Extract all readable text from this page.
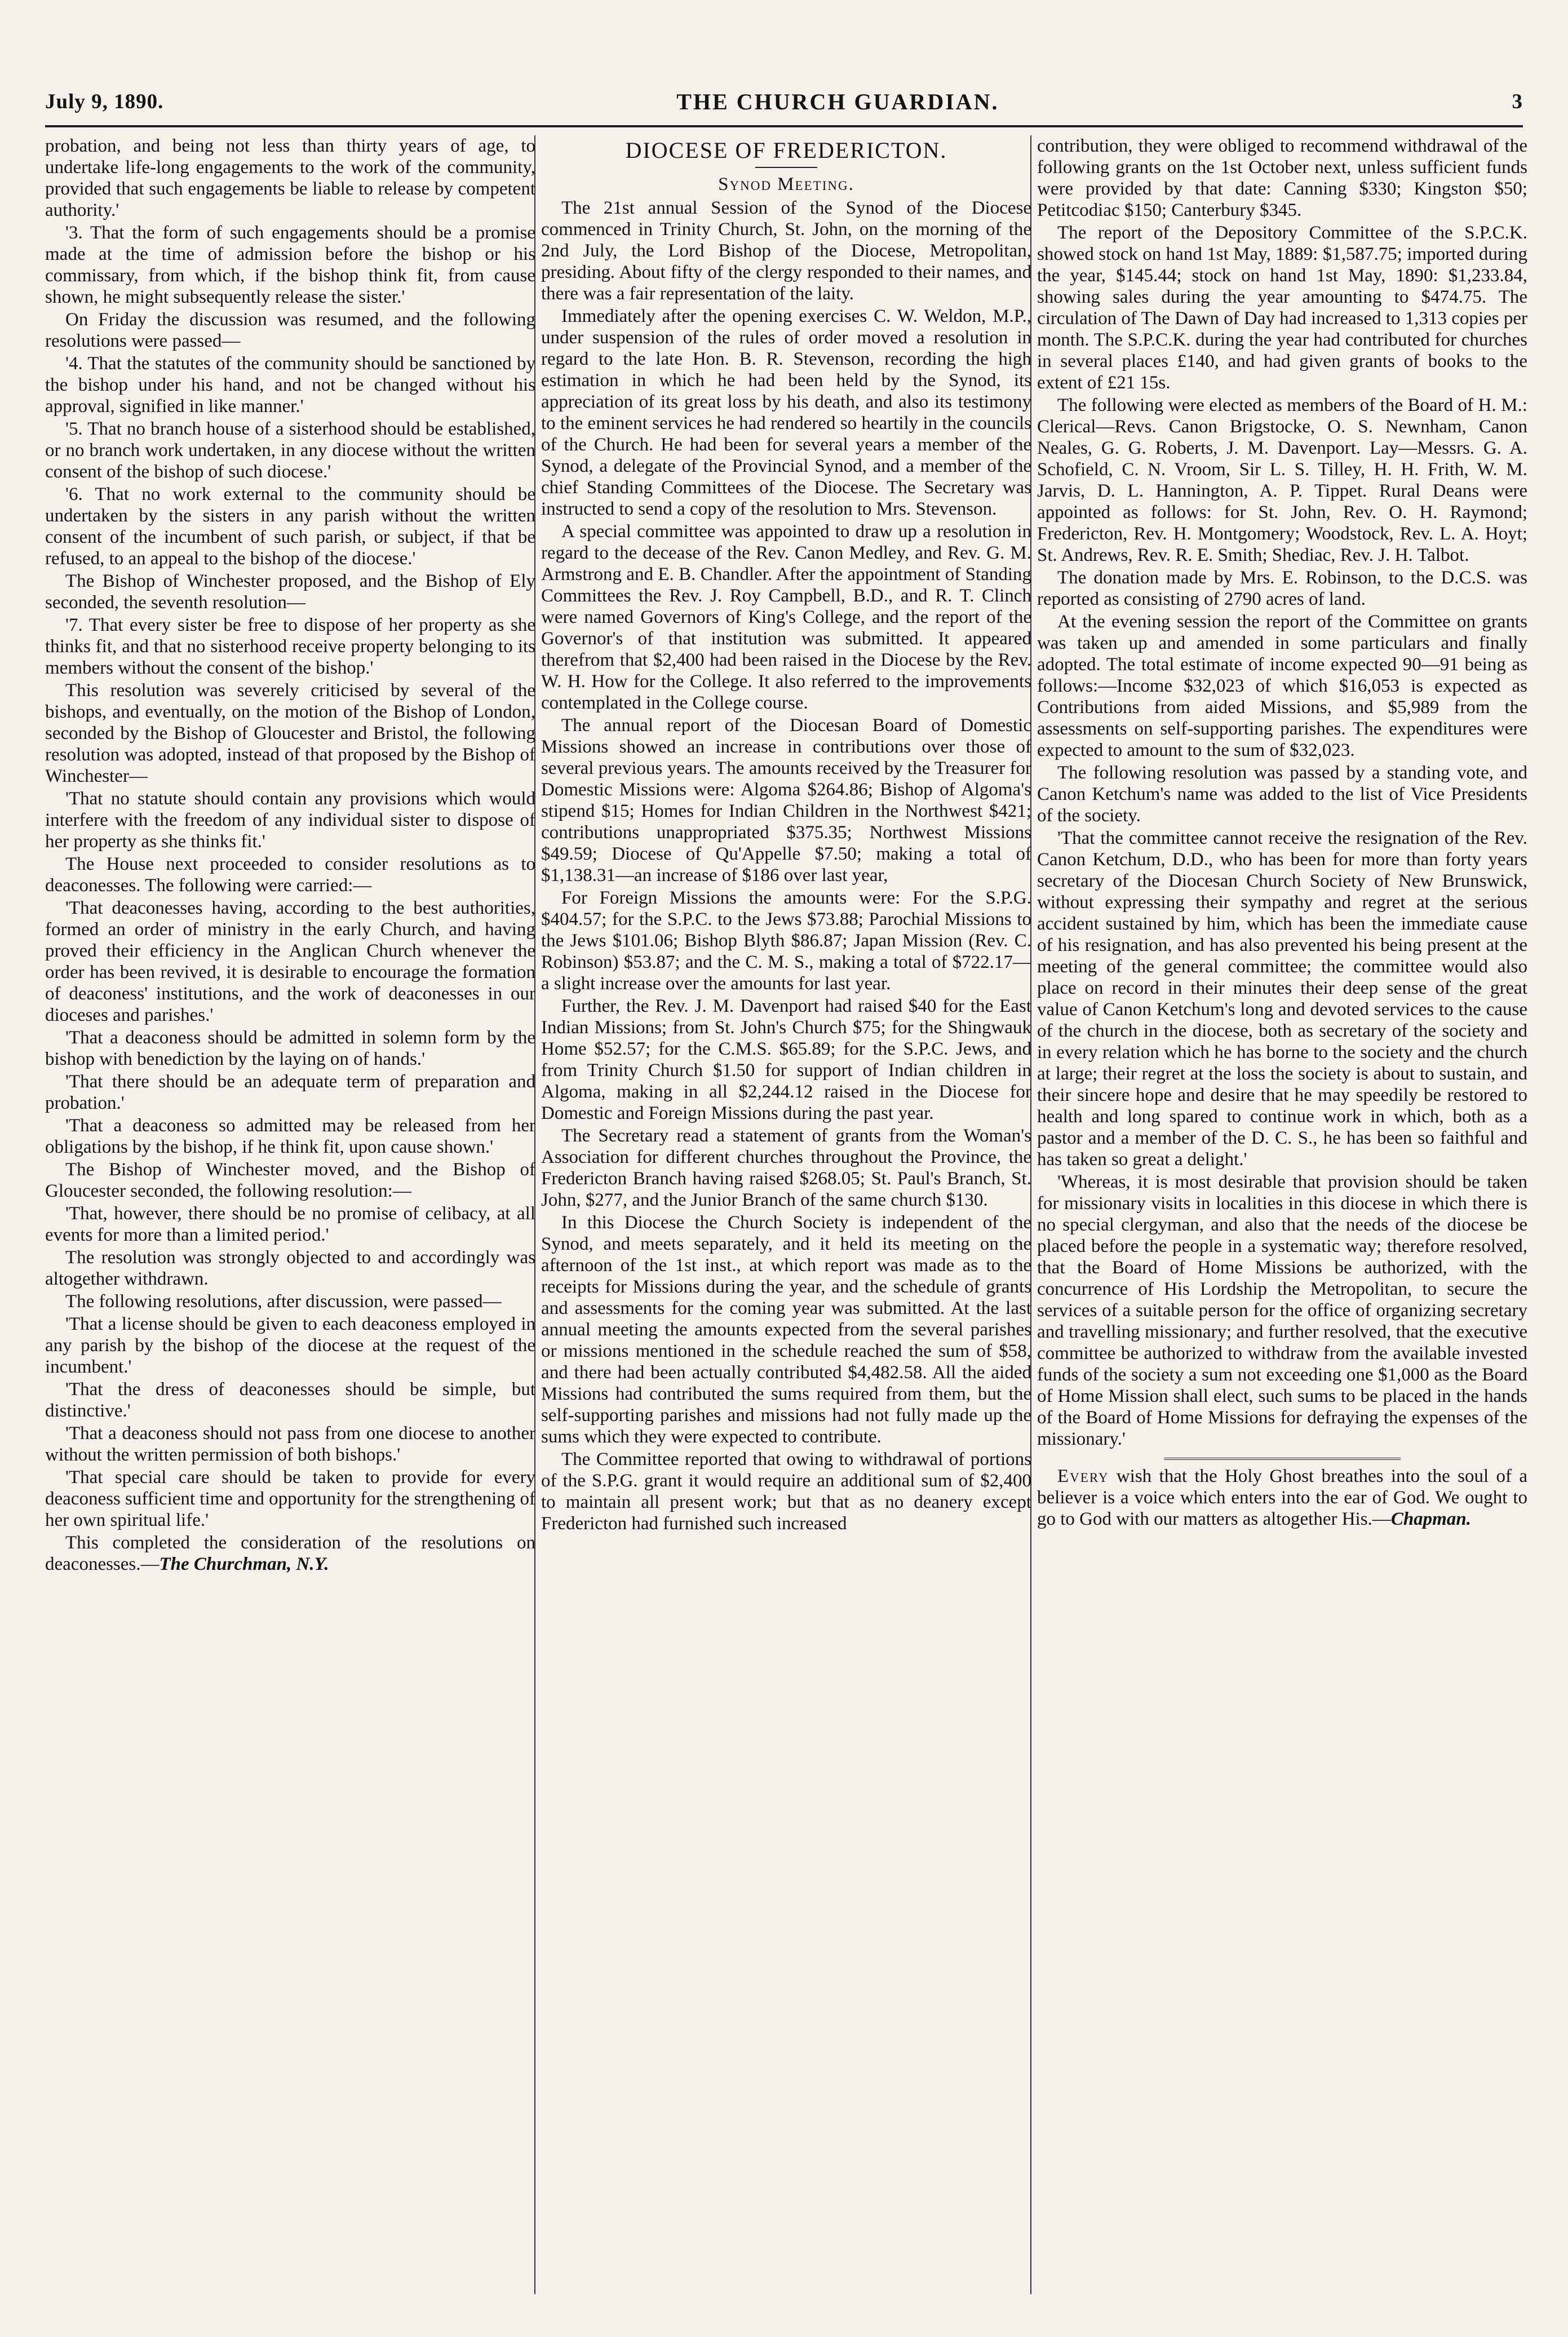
July 9, 1890.	THE CHURCH GUARDIAN.	3

probation, and being not less than thirty years of age, to undertake life-long engagements to the work of the community, provided that such engagements be liable to release by competent authority.'

'3. That the form of such engagements should be a promise made at the time of admission before the bishop or his commissary, from which, if the bishop think fit, from cause shown, he might subsequently release the sister.'

On Friday the discussion was resumed, and the following resolutions were passed—

'4. That the statutes of the community should be sanctioned by the bishop under his hand, and not be changed without his approval, signified in like manner.'

'5. That no branch house of a sisterhood should be established, or no branch work undertaken, in any diocese without the written consent of the bishop of such diocese.'

'6. That no work external to the community should be undertaken by the sisters in any parish without the written consent of the incumbent of such parish, or subject, if that be refused, to an appeal to the bishop of the diocese.'

The Bishop of Winchester proposed, and the Bishop of Ely seconded, the seventh resolution—

'7. That every sister be free to dispose of her property as she thinks fit, and that no sisterhood receive property belonging to its members without the consent of the bishop.'

This resolution was severely criticised by several of the bishops, and eventually, on the motion of the Bishop of London, seconded by the Bishop of Gloucester and Bristol, the following resolution was adopted, instead of that proposed by the Bishop of Winchester—

'That no statute should contain any provisions which would interfere with the freedom of any individual sister to dispose of her property as she thinks fit.'

The House next proceeded to consider resolutions as to deaconesses. The following were carried:—

'That deaconesses having, according to the best authorities, formed an order of ministry in the early Church, and having proved their efficiency in the Anglican Church whenever the order has been revived, it is desirable to encourage the formation of deaconess' institutions, and the work of deaconesses in our dioceses and parishes.'

'That a deaconess should be admitted in solemn form by the bishop with benediction by the laying on of hands.'

'That there should be an adequate term of preparation and probation.'

'That a deaconess so admitted may be released from her obligations by the bishop, if he think fit, upon cause shown.'

The Bishop of Winchester moved, and the Bishop of Gloucester seconded, the following resolution:—

'That, however, there should be no promise of celibacy, at all events for more than a limited period.'

The resolution was strongly objected to and accordingly was altogether withdrawn.

The following resolutions, after discussion, were passed—

'That a license should be given to each deaconess employed in any parish by the bishop of the diocese at the request of the incumbent.'

'That the dress of deaconesses should be simple, but distinctive.'

'That a deaconess should not pass from one diocese to another without the written permission of both bishops.'

'That special care should be taken to provide for every deaconess sufficient time and opportunity for the strengthening of her own spiritual life.'

This completed the consideration of the resolutions on deaconesses.—The Churchman, N.Y.

DIOCESE OF FREDERICTON.
Synod Meeting.

The 21st annual Session of the Synod of the Diocese commenced in Trinity Church, St. John, on the morning of the 2nd July, the Lord Bishop of the Diocese, Metropolitan, presiding. About fifty of the clergy responded to their names, and there was a fair representation of the laity.

Immediately after the opening exercises C. W. Weldon, M.P., under suspension of the rules of order moved a resolution in regard to the late Hon. B. R. Stevenson, recording the high estimation in which he had been held by the Synod, its appreciation of its great loss by his death, and also its testimony to the eminent services he had rendered so heartily in the councils of the Church. He had been for several years a member of the Synod, a delegate of the Provincial Synod, and a member of the chief Standing Committees of the Diocese. The Secretary was instructed to send a copy of the resolution to Mrs. Stevenson.

A special committee was appointed to draw up a resolution in regard to the decease of the Rev. Canon Medley, and Rev. G. M. Armstrong and E. B. Chandler. After the appointment of Standing Committees the Rev. J. Roy Campbell, B.D., and R. T. Clinch were named Governors of King's College, and the report of the Governor's of that institution was submitted. It appeared therefrom that $2,400 had been raised in the Diocese by the Rev. W. H. How for the College. It also referred to the improvements contemplated in the College course.

The annual report of the Diocesan Board of Domestic Missions showed an increase in contributions over those of several previous years. The amounts received by the Treasurer for Domestic Missions were: Algoma $264.86; Bishop of Algoma's stipend $15; Homes for Indian Children in the Northwest $421; contributions unappropriated $375.35; Northwest Missions $49.59; Diocese of Qu'Appelle $7.50; making a total of $1,138.31—an increase of $186 over last year,

For Foreign Missions the amounts were: For the S.P.G. $404.57; for the S.P.C. to the Jews $73.88; Parochial Missions to the Jews $101.06; Bishop Blyth $86.87; Japan Mission (Rev. C. Robinson) $53.87; and the C. M. S., making a total of $722.17—a slight increase over the amounts for last year.

Further, the Rev. J. M. Davenport had raised $40 for the East Indian Missions; from St. John's Church $75; for the Shingwauk Home $52.57; for the C.M.S. $65.89; for the S.P.C. Jews, and from Trinity Church $1.50 for support of Indian children in Algoma, making in all $2,244.12 raised in the Diocese for Domestic and Foreign Missions during the past year.

The Secretary read a statement of grants from the Woman's Association for different churches throughout the Province, the Fredericton Branch having raised $268.05; St. Paul's Branch, St. John, $277, and the Junior Branch of the same church $130.

In this Diocese the Church Society is independent of the Synod, and meets separately, and it held its meeting on the afternoon of the 1st inst., at which report was made as to the receipts for Missions during the year, and the schedule of grants and assessments for the coming year was submitted. At the last annual meeting the amounts expected from the several parishes or missions mentioned in the schedule reached the sum of $58, and there had been actually contributed $4,482.58. All the aided Missions had contributed the sums required from them, but the self-supporting parishes and missions had not fully made up the sums which they were expected to contribute.

The Committee reported that owing to withdrawal of portions of the S.P.G. grant it would require an additional sum of $2,400 to maintain all present work; but that as no deanery except Fredericton had furnished such increased

contribution, they were obliged to recommend withdrawal of the following grants on the 1st October next, unless sufficient funds were provided by that date: Canning $330; Kingston $50; Petitcodiac $150; Canterbury $345.

The report of the Depository Committee of the S.P.C.K. showed stock on hand 1st May, 1889: $1,587.75; imported during the year, $145.44; stock on hand 1st May, 1890: $1,233.84, showing sales during the year amounting to $474.75. The circulation of The Dawn of Day had increased to 1,313 copies per month. The S.P.C.K. during the year had contributed for churches in several places £140, and had given grants of books to the extent of £21 15s.

The following were elected as members of the Board of H. M.: Clerical—Revs. Canon Brigstocke, O. S. Newnham, Canon Neales, G. G. Roberts, J. M. Davenport. Lay—Messrs. G. A. Schofield, C. N. Vroom, Sir L. S. Tilley, H. H. Frith, W. M. Jarvis, D. L. Hannington, A. P. Tippet. Rural Deans were appointed as follows: for St. John, Rev. O. H. Raymond; Fredericton, Rev. H. Montgomery; Woodstock, Rev. L. A. Hoyt; St. Andrews, Rev. R. E. Smith; Shediac, Rev. J. H. Talbot.

The donation made by Mrs. E. Robinson, to the D.C.S. was reported as consisting of 2790 acres of land.

At the evening session the report of the Committee on grants was taken up and amended in some particulars and finally adopted. The total estimate of income expected 90—91 being as follows:—Income $32,023 of which $16,053 is expected as Contributions from aided Missions, and $5,989 from the assessments on self-supporting parishes. The expenditures were expected to amount to the sum of $32,023.

The following resolution was passed by a standing vote, and Canon Ketchum's name was added to the list of Vice Presidents of the society.

'That the committee cannot receive the resignation of the Rev. Canon Ketchum, D.D., who has been for more than forty years secretary of the Diocesan Church Society of New Brunswick, without expressing their sympathy and regret at the serious accident sustained by him, which has been the immediate cause of his resignation, and has also prevented his being present at the meeting of the general committee; the committee would also place on record in their minutes their deep sense of the great value of Canon Ketchum's long and devoted services to the cause of the church in the diocese, both as secretary of the society and in every relation which he has borne to the society and the church at large; their regret at the loss the society is about to sustain, and their sincere hope and desire that he may speedily be restored to health and long spared to continue work in which, both as a pastor and a member of the D. C. S., he has been so faithful and has taken so great a delight.'

'Whereas, it is most desirable that provision should be taken for missionary visits in localities in this diocese in which there is no special clergyman, and also that the needs of the diocese be placed before the people in a systematic way; therefore resolved, that the Board of Home Missions be authorized, with the concurrence of His Lordship the Metropolitan, to secure the services of a suitable person for the office of organizing secretary and travelling missionary; and further resolved, that the executive committee be authorized to withdraw from the available invested funds of the society a sum not exceeding one $1,000 as the Board of Home Mission shall elect, such sums to be placed in the hands of the Board of Home Missions for defraying the expenses of the missionary.'

Every wish that the Holy Ghost breathes into the soul of a believer is a voice which enters into the ear of God. We ought to go to God with our matters as altogether His.—Chapman.
